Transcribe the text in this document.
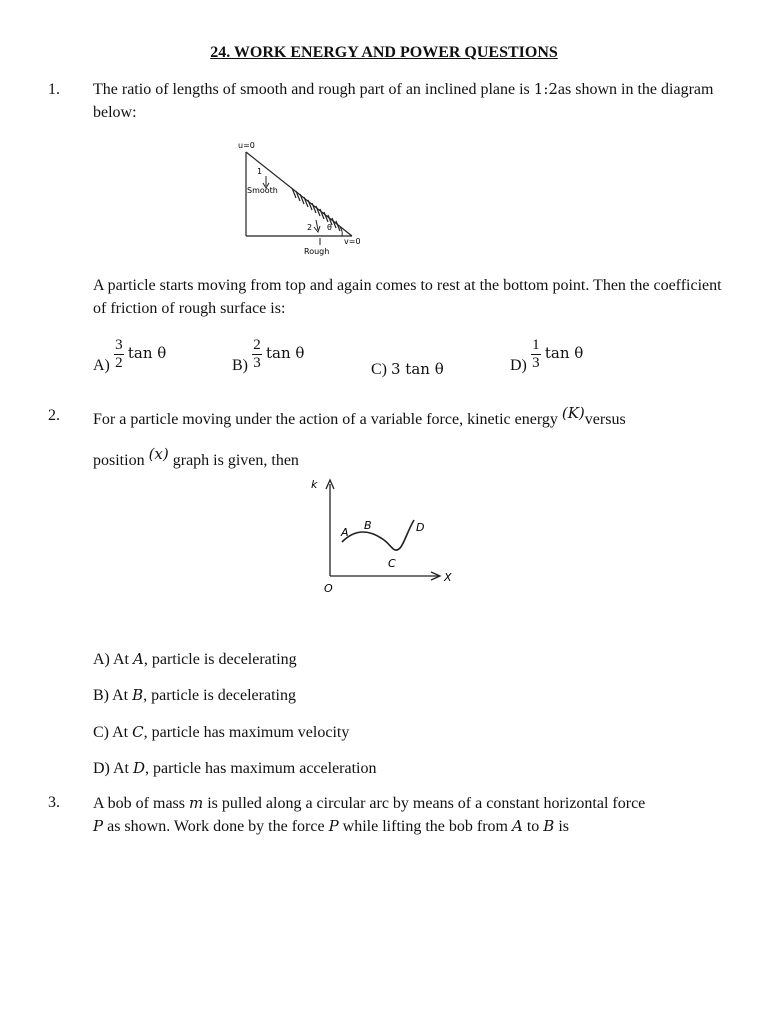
24. WORK ENERGY AND POWER QUESTIONS
1. The ratio of lengths of smooth and rough part of an inclined plane is 1:2as shown in the diagram below:
u=0
1
Smooth
2 θ
v=0
Rough
A particle starts moving from top and again comes to rest at the bottom point. Then the coefficient of friction of rough surface is:
$A) \frac{3}{2}$ tan θ
$B) \frac{2}{3}$ tan θ
C) 3 tan θ	$D) \frac{1}{3}$ tan θ
2. For a particle moving under the action of a variable force, kinetic energy (K)versus
position (x) graph is given, then
k
A
B
C
D
O
X
A) At A, particle is decelerating
B) At B, particle is decelerating
C) At C, particle has maximum velocity
D) At D, particle has maximum acceleration
3. A bob of mass m is pulled along a circular arc by means of a constant horizontal force
P as shown. Work done by the force P while lifting the bob from A to B is
